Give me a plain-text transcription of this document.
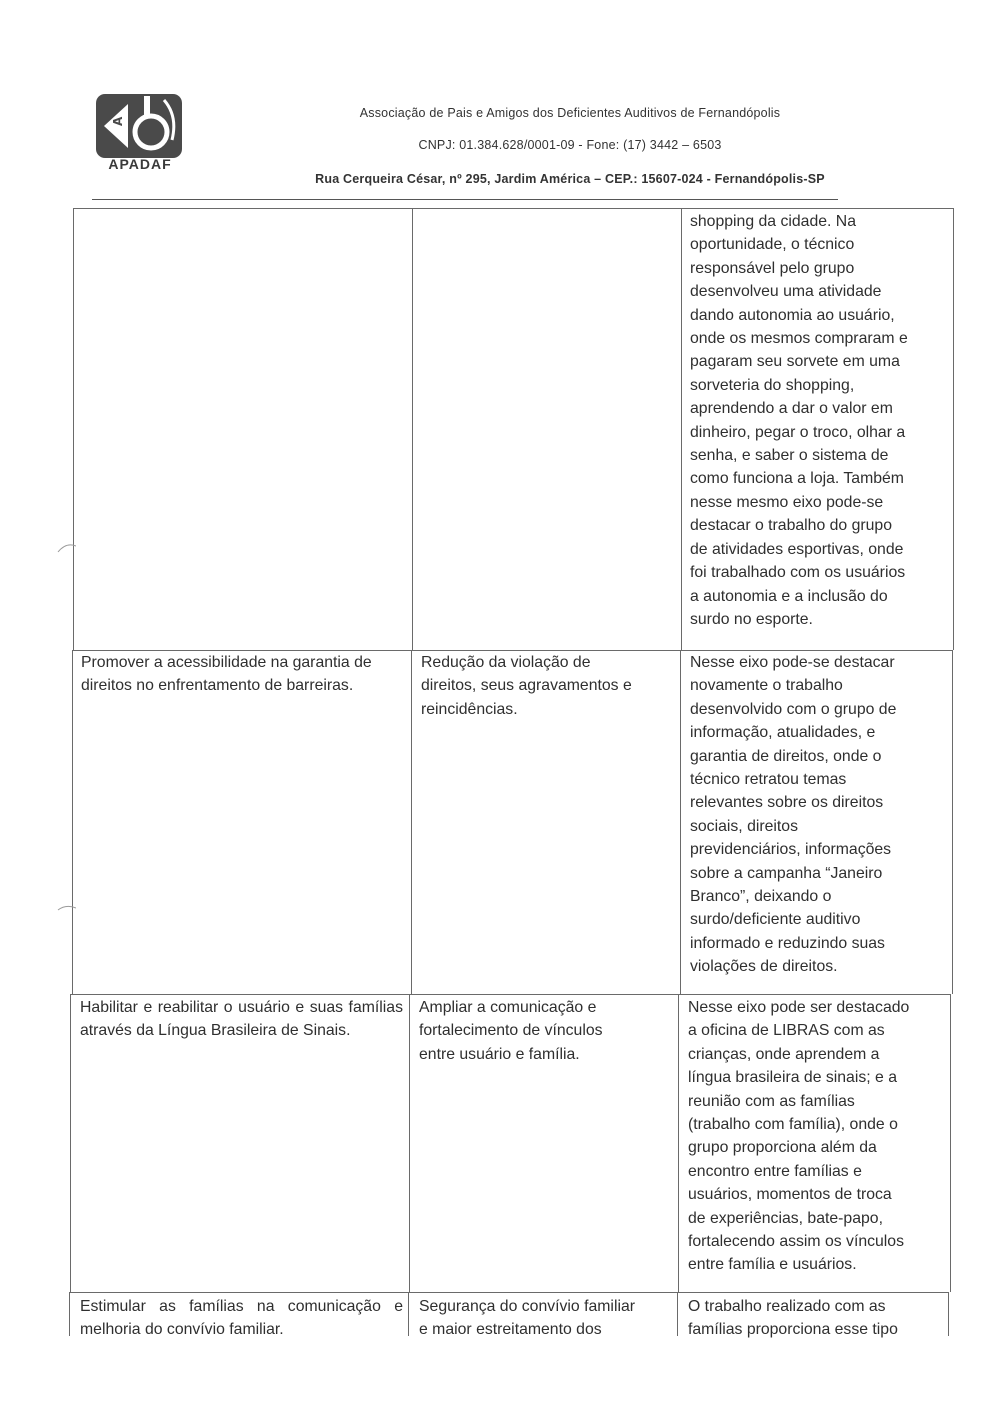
A
APADAF
Associação de Pais e Amigos dos Deficientes Auditivos de Fernandópolis
CNPJ: 01.384.628/0001-09 - Fone: (17) 3442 – 6503
Rua Cerqueira César, nº 295, Jardim América – CEP.: 15607-024 - Fernandópolis-SP
shopping da cidade. Na
oportunidade, o técnico
responsável pelo grupo
desenvolveu uma atividade
dando autonomia ao usuário,
onde os mesmos compraram e
pagaram seu sorvete em uma
sorveteria do shopping,
aprendendo a dar o valor em
dinheiro, pegar o troco, olhar a
senha, e saber o sistema de
como funciona a loja. Também
nesse mesmo eixo pode-se
destacar o trabalho do grupo
de atividades esportivas, onde
foi trabalhado com os usuários
a autonomia e a inclusão do
surdo no esporte.
Promover a acessibilidade na garantia de
direitos no enfrentamento de barreiras.
Redução da violação de
direitos, seus agravamentos e
reincidências.
Nesse eixo pode-se destacar
novamente o trabalho
desenvolvido com o grupo de
informação, atualidades, e
garantia de direitos, onde o
técnico retratou temas
relevantes sobre os direitos
sociais, direitos
previdenciários, informações
sobre a campanha “Janeiro
Branco”, deixando o
surdo/deficiente auditivo
informado e reduzindo suas
violações de direitos.
Habilitar e reabilitar o usuário e suas famílias através da Língua Brasileira de Sinais.
Ampliar a comunicação e
fortalecimento de vínculos
entre usuário e família.
Nesse eixo pode ser destacado
a oficina de LIBRAS com as
crianças, onde aprendem a
língua brasileira de sinais; e a
reunião com as famílias
(trabalho com família), onde o
grupo proporciona além da
encontro entre famílias e
usuários, momentos de troca
de experiências, bate-papo,
fortalecendo assim os vínculos
entre família e usuários.
Estimular as famílias na comunicação e melhoria do convívio familiar.
Segurança do convívio familiar
e maior estreitamento dos
O trabalho realizado com as
famílias proporciona esse tipo
